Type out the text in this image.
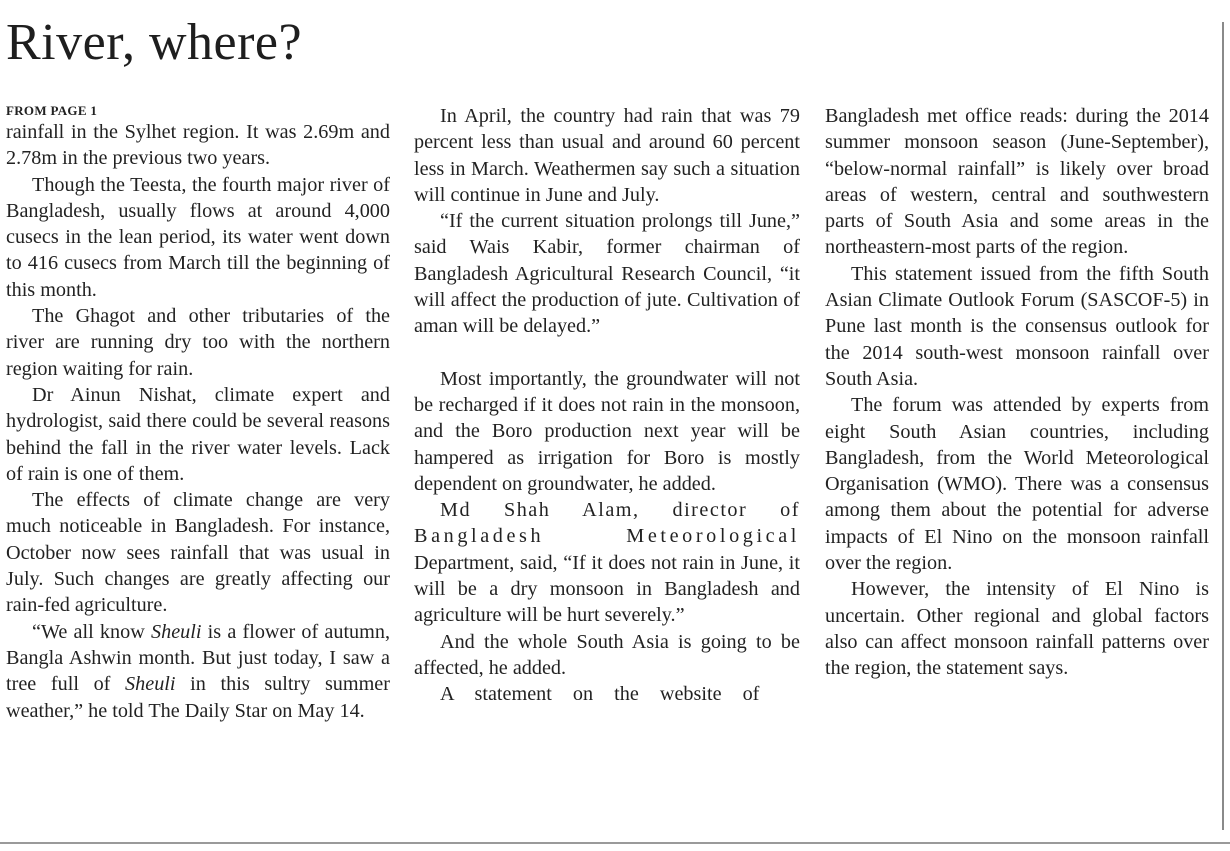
River, where?
FROM PAGE 1

rainfall in the Sylhet region. It was 2.69m and 2.78m in the previous two years.

Though the Teesta, the fourth major river of Bangladesh, usually flows at around 4,000 cusecs in the lean period, its water went down to 416 cusecs from March till the beginning of this month.

The Ghagot and other tributaries of the river are running dry too with the northern region waiting for rain.

Dr Ainun Nishat, climate expert and hydrologist, said there could be several reasons behind the fall in the river water levels. Lack of rain is one of them.

The effects of climate change are very much noticeable in Bangladesh. For instance, October now sees rainfall that was usual in July. Such changes are greatly affecting our rain-fed agriculture.

“We all know Sheuli is a flower of autumn, Bangla Ashwin month. But just today, I saw a tree full of Sheuli in this sultry summer weather,” he told The Daily Star on May 14.

In April, the country had rain that was 79 percent less than usual and around 60 percent less in March. Weathermen say such a situation will continue in June and July.

“If the current situation prolongs till June,” said Wais Kabir, former chairman of Bangladesh Agricultural Research Council, “it will affect the production of jute. Cultivation of aman will be delayed.”

Most importantly, the groundwater will not be recharged if it does not rain in the monsoon, and the Boro production next year will be hampered as irrigation for Boro is mostly dependent on groundwater, he added.

Md Shah Alam, director of Bangladesh Meteorological Department, said, “If it does not rain in June, it will be a dry monsoon in Bangladesh and agriculture will be hurt severely.”

And the whole South Asia is going to be affected, he added.

A statement on the website of

Bangladesh met office reads: during the 2014 summer monsoon season (June-September), “below-normal rainfall” is likely over broad areas of western, central and southwestern parts of South Asia and some areas in the northeastern-most parts of the region.

This statement issued from the fifth South Asian Climate Outlook Forum (SASCOF-5) in Pune last month is the consensus outlook for the 2014 south-west monsoon rainfall over South Asia.

The forum was attended by experts from eight South Asian countries, including Bangladesh, from the World Meteorological Organisation (WMO). There was a consensus among them about the potential for adverse impacts of El Nino on the monsoon rainfall over the region.

However, the intensity of El Nino is uncertain. Other regional and global factors also can affect monsoon rainfall patterns over the region, the statement says.
